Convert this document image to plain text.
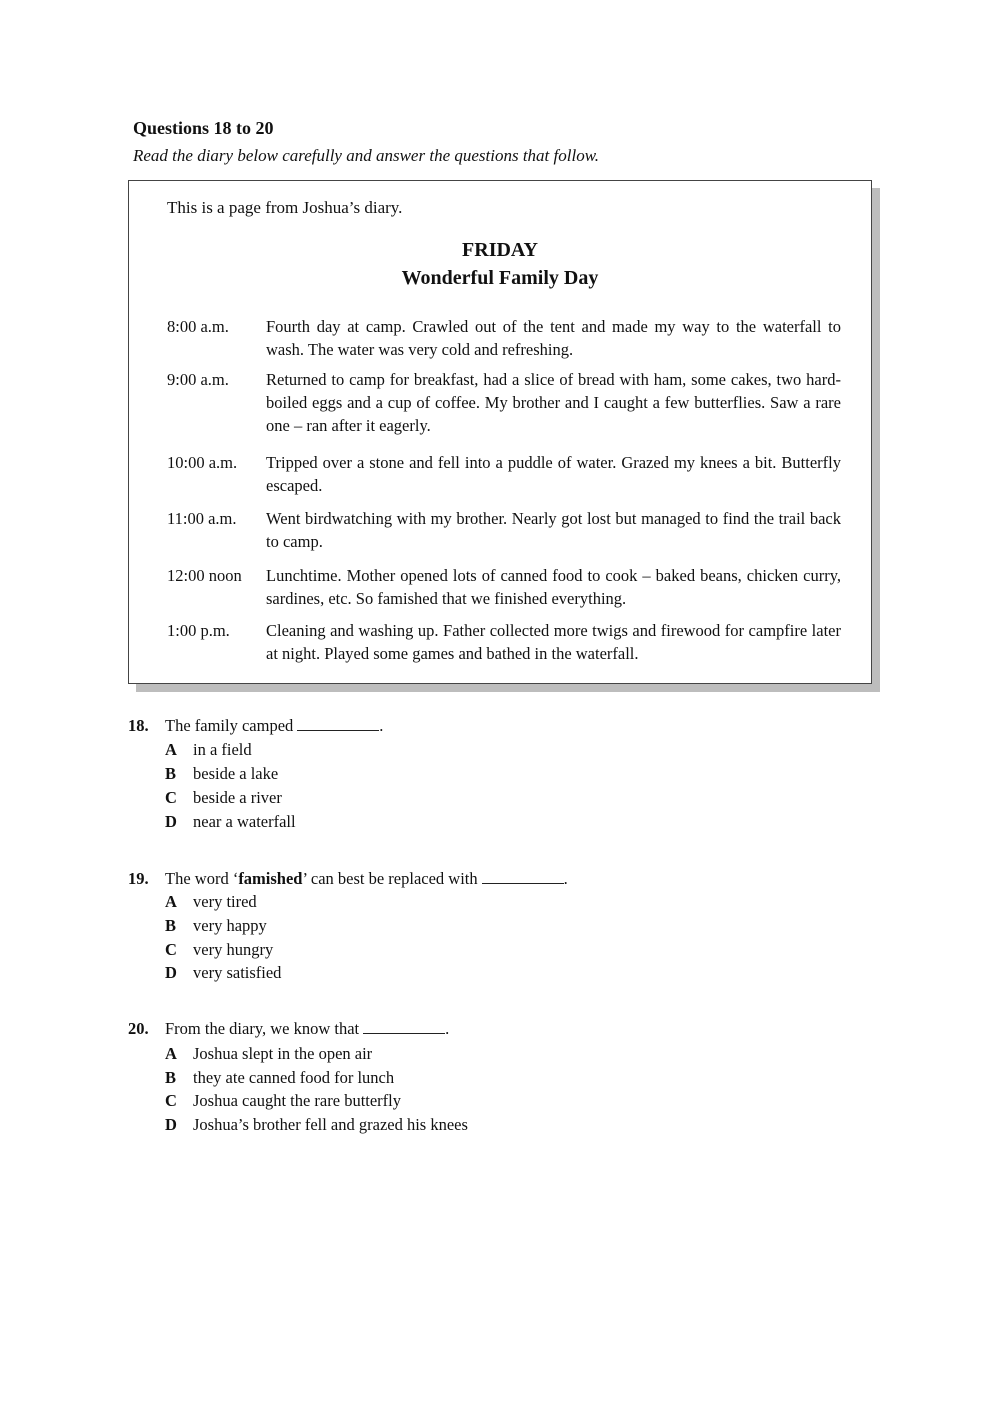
Questions 18 to 20
Read the diary below carefully and answer the questions that follow.
This is a page from Joshua’s diary.
FRIDAY
Wonderful Family Day
8:00 a.m.	Fourth day at camp. Crawled out of the tent and made my way to the waterfall to wash. The water was very cold and refreshing.
9:00 a.m.	Returned to camp for breakfast, had a slice of bread with ham, some cakes, two hard-boiled eggs and a cup of coffee. My brother and I caught a few butterflies. Saw a rare one – ran after it eagerly.
10:00 a.m.	Tripped over a stone and fell into a puddle of water. Grazed my knees a bit. Butterfly escaped.
11:00 a.m.	Went birdwatching with my brother. Nearly got lost but managed to find the trail back to camp.
12:00 noon	Lunchtime. Mother opened lots of canned food to cook – baked beans, chicken curry, sardines, etc. So famished that we finished everything.
1:00 p.m.	Cleaning and washing up. Father collected more twigs and firewood for campfire later at night. Played some games and bathed in the waterfall.
18. The family camped	.
A in a field
B beside a lake
C beside a river
D near a waterfall
19. The word ‘famished’ can best be replaced with	.
A very tired
B very happy
C very hungry
D very satisfied
20. From the diary, we know that	.
A Joshua slept in the open air
B they ate canned food for lunch
C Joshua caught the rare butterfly
D Joshua’s brother fell and grazed his knees
